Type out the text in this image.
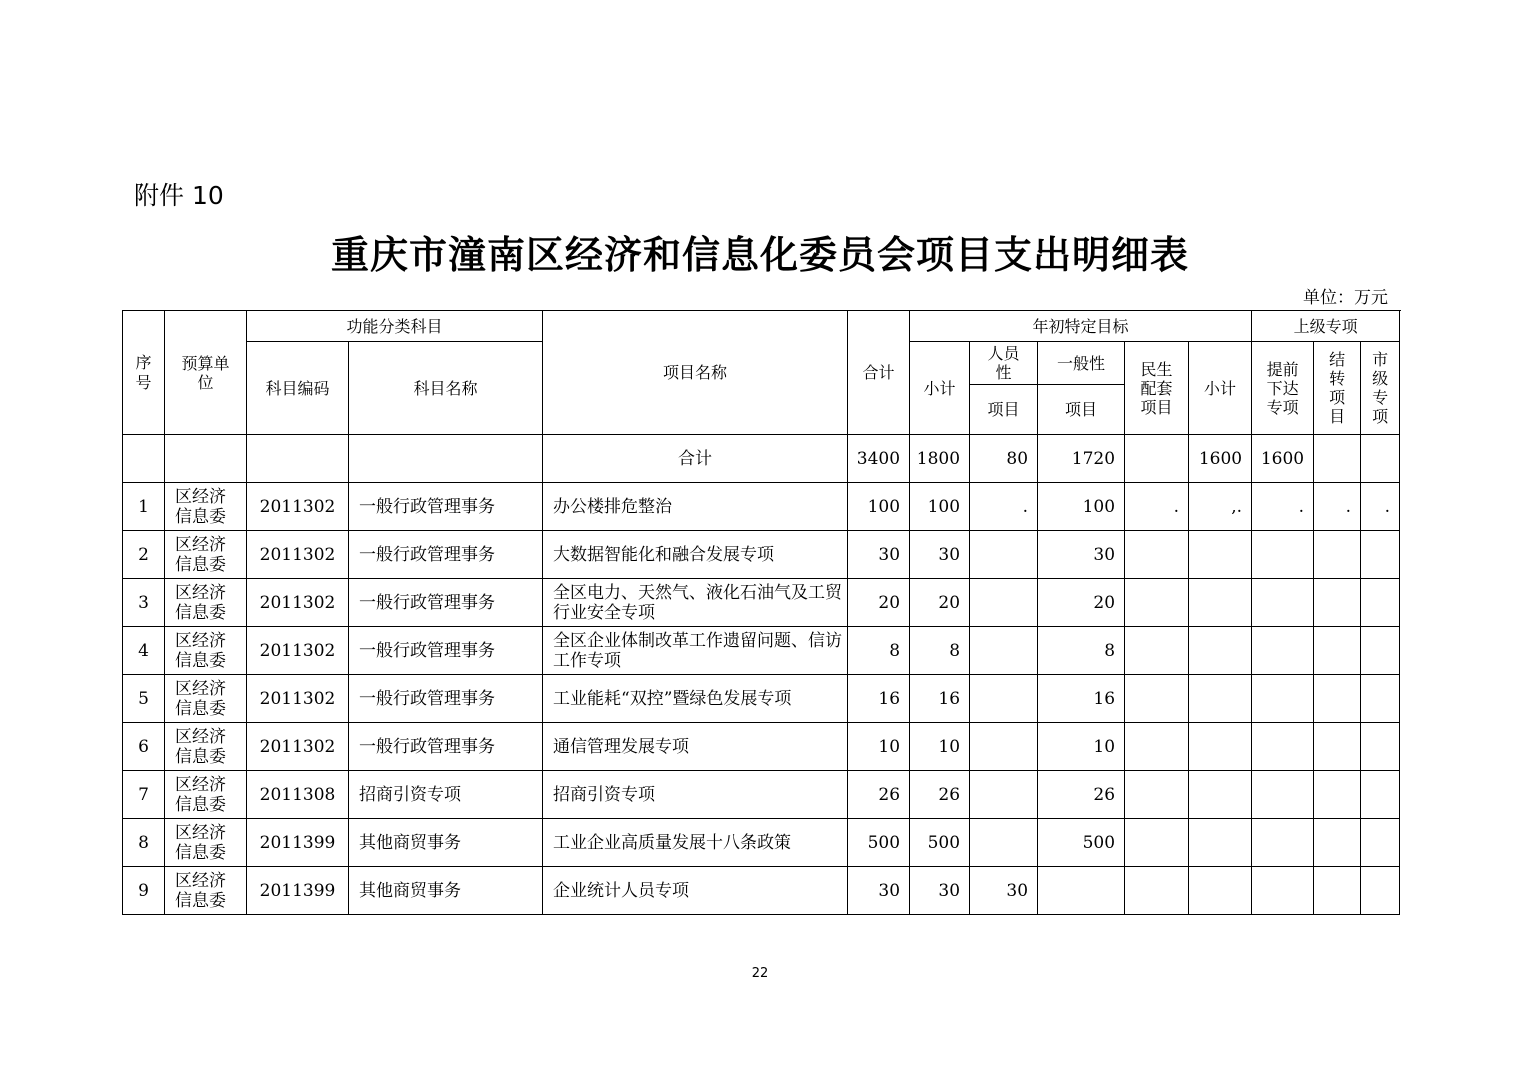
附件 10
重庆市潼南区经济和信息化委员会项目支出明细表
单位：万元
序号	预算单位	功能分类科目		项目名称	合计	年初特定目标					上级专项		
		科目编码	科目名称			小计	人员性	一般性	民生配套项目	小计	提前下达专项	结转项目	市级专项

							项目	项目					
				合计	3400	1800	80	1720		1600	1600		
1	区经济信息委	2011302	一般行政管理事务	办公楼排危整治	100	100	.	100	.	,.	.	.	.
2	区经济信息委	2011302	一般行政管理事务	大数据智能化和融合发展专项	30	30		30					
3	区经济信息委	2011302	一般行政管理事务	全区电力、天然气、液化石油气及工贸行业安全专项	20	20		20					
4	区经济信息委	2011302	一般行政管理事务	全区企业体制改革工作遗留问题、信访工作专项	8	8		8					
5	区经济信息委	2011302	一般行政管理事务	工业能耗“双控”暨绿色发展专项	16	16		16					
6	区经济信息委	2011302	一般行政管理事务	通信管理发展专项	10	10		10					
7	区经济信息委	2011308	招商引资专项	招商引资专项	26	26		26					
8	区经济信息委	2011399	其他商贸事务	工业企业高质量发展十八条政策	500	500		500					
9	区经济信息委	2011399	其他商贸事务	企业统计人员专项	30	30	30						
22
